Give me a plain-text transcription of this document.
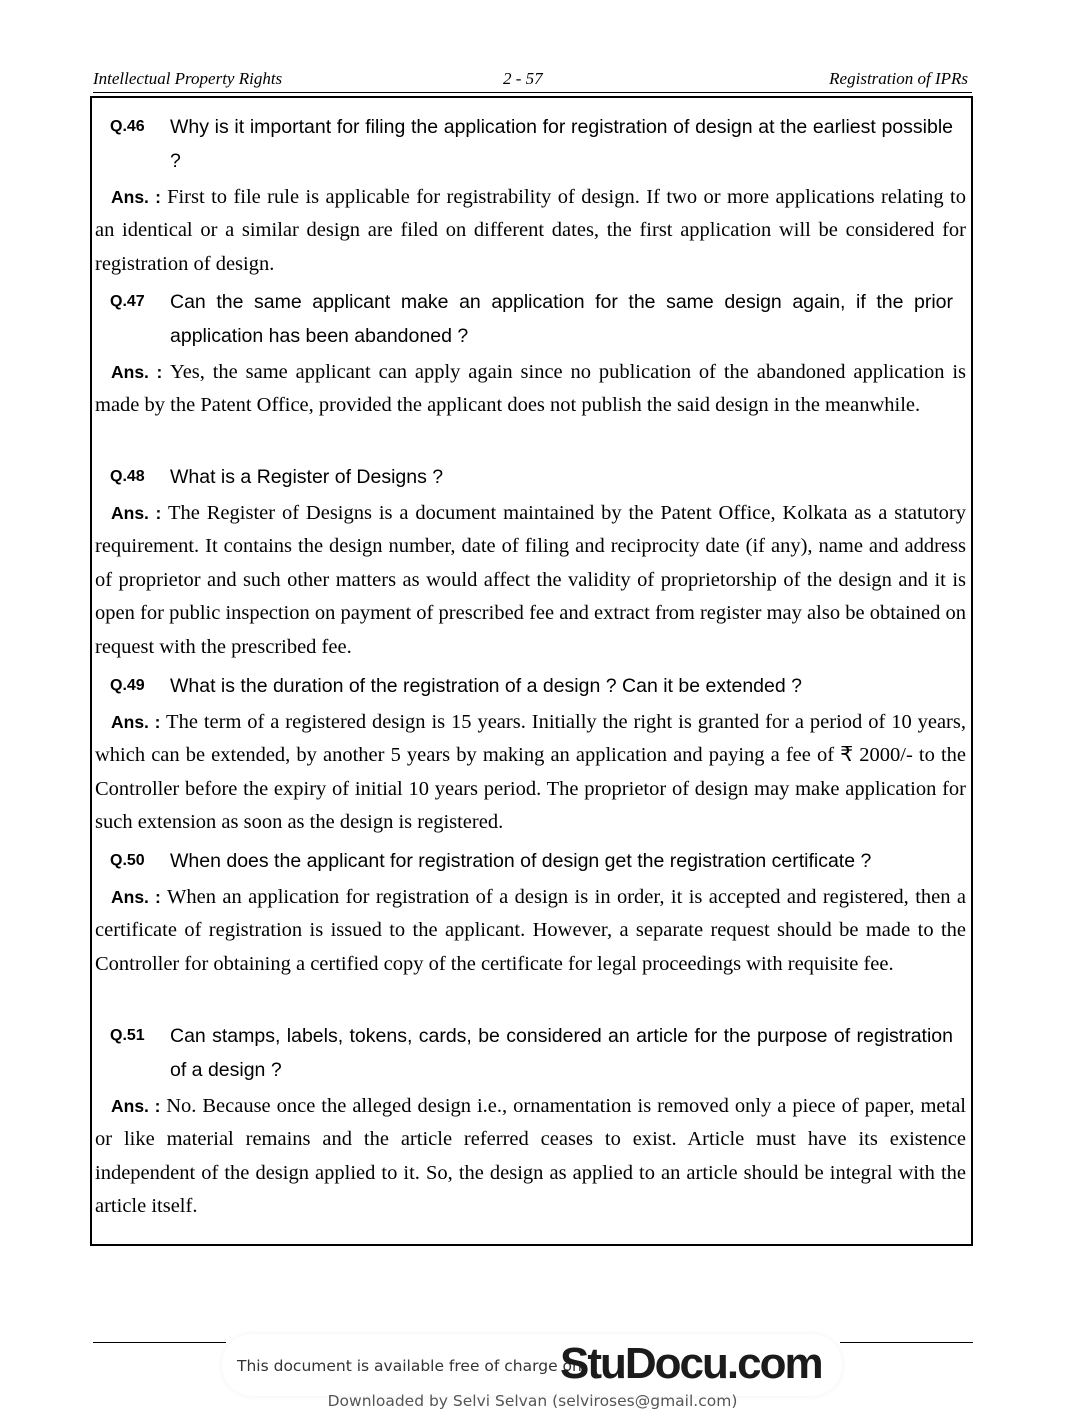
Intellectual Property Rights	2 - 57	Registration of IPRs
Q.46	Why is it important for filing the application for registration of design at the earliest possible ?
Ans. : First to file rule is applicable for registrability of design. If two or more applications relating to an identical or a similar design are filed on different dates, the first application will be considered for registration of design.
Q.47	Can the same applicant make an application for the same design again, if the prior application has been abandoned ?
Ans. : Yes, the same applicant can apply again since no publication of the abandoned application is made by the Patent Office, provided the applicant does not publish the said design in the meanwhile.
Q.48	What is a Register of Designs ?
Ans. : The Register of Designs is a document maintained by the Patent Office, Kolkata as a statutory requirement. It contains the design number, date of filing and reciprocity date (if any), name and address of proprietor and such other matters as would affect the validity of proprietorship of the design and it is open for public inspection on payment of prescribed fee and extract from register may also be obtained on request with the prescribed fee.
Q.49	What is the duration of the registration of a design ? Can it be extended ?
Ans. : The term of a registered design is 15 years. Initially the right is granted for a period of 10 years, which can be extended, by another 5 years by making an application and paying a fee of ₹ 2000/- to the Controller before the expiry of initial 10 years period. The proprietor of design may make application for such extension as soon as the design is registered.
Q.50	When does the applicant for registration of design get the registration certificate ?
Ans. : When an application for registration of a design is in order, it is accepted and registered, then a certificate of registration is issued to the applicant. However, a separate request should be made to the Controller for obtaining a certified copy of the certificate for legal proceedings with requisite fee.
Q.51	Can stamps, labels, tokens, cards, be considered an article for the purpose of registration of a design ?
Ans. : No. Because once the alleged design i.e., ornamentation is removed only a piece of paper, metal or like material remains and the article referred ceases to exist. Article must have its existence independent of the design applied to it. So, the design as applied to an article should be integral with the article itself.
This document is available free of charge on
StuDocu.com
Downloaded by Selvi Selvan (selviroses@gmail.com)
